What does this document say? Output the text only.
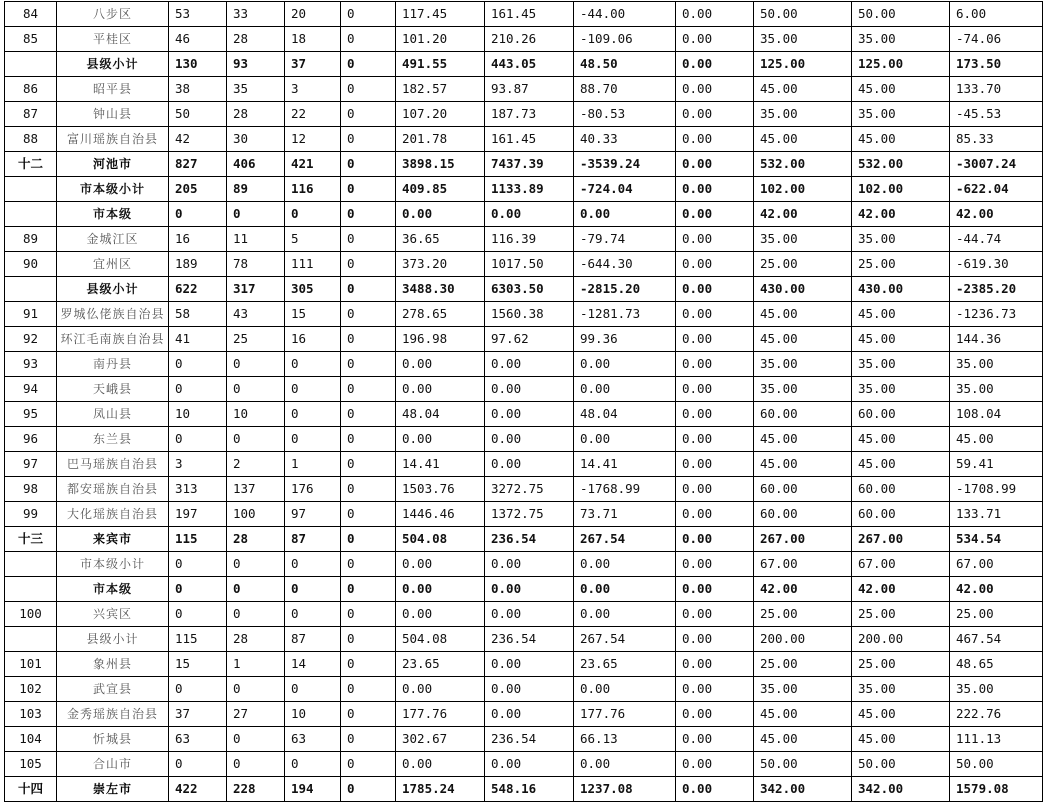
84	八步区	53	33	20	0	117.45	161.45	-44.00	0.00	50.00	50.00	6.00
85	平桂区	46	28	18	0	101.20	210.26	-109.06	0.00	35.00	35.00	-74.06
	县级小计	130	93	37	0	491.55	443.05	48.50	0.00	125.00	125.00	173.50
86	昭平县	38	35	3	0	182.57	93.87	88.70	0.00	45.00	45.00	133.70
87	钟山县	50	28	22	0	107.20	187.73	-80.53	0.00	35.00	35.00	-45.53
88	富川瑶族自治县	42	30	12	0	201.78	161.45	40.33	0.00	45.00	45.00	85.33
十二	河池市	827	406	421	0	3898.15	7437.39	-3539.24	0.00	532.00	532.00	-3007.24
	市本级小计	205	89	116	0	409.85	1133.89	-724.04	0.00	102.00	102.00	-622.04
	市本级	0	0	0	0	0.00	0.00	0.00	0.00	42.00	42.00	42.00
89	金城江区	16	11	5	0	36.65	116.39	-79.74	0.00	35.00	35.00	-44.74
90	宜州区	189	78	111	0	373.20	1017.50	-644.30	0.00	25.00	25.00	-619.30
	县级小计	622	317	305	0	3488.30	6303.50	-2815.20	0.00	430.00	430.00	-2385.20
91	罗城仫佬族自治县	58	43	15	0	278.65	1560.38	-1281.73	0.00	45.00	45.00	-1236.73
92	环江毛南族自治县	41	25	16	0	196.98	97.62	99.36	0.00	45.00	45.00	144.36
93	南丹县	0	0	0	0	0.00	0.00	0.00	0.00	35.00	35.00	35.00
94	天峨县	0	0	0	0	0.00	0.00	0.00	0.00	35.00	35.00	35.00
95	凤山县	10	10	0	0	48.04	0.00	48.04	0.00	60.00	60.00	108.04
96	东兰县	0	0	0	0	0.00	0.00	0.00	0.00	45.00	45.00	45.00
97	巴马瑶族自治县	3	2	1	0	14.41	0.00	14.41	0.00	45.00	45.00	59.41
98	都安瑶族自治县	313	137	176	0	1503.76	3272.75	-1768.99	0.00	60.00	60.00	-1708.99
99	大化瑶族自治县	197	100	97	0	1446.46	1372.75	73.71	0.00	60.00	60.00	133.71
十三	来宾市	115	28	87	0	504.08	236.54	267.54	0.00	267.00	267.00	534.54
	市本级小计	0	0	0	0	0.00	0.00	0.00	0.00	67.00	67.00	67.00
	市本级	0	0	0	0	0.00	0.00	0.00	0.00	42.00	42.00	42.00
100	兴宾区	0	0	0	0	0.00	0.00	0.00	0.00	25.00	25.00	25.00
	县级小计	115	28	87	0	504.08	236.54	267.54	0.00	200.00	200.00	467.54
101	象州县	15	1	14	0	23.65	0.00	23.65	0.00	25.00	25.00	48.65
102	武宣县	0	0	0	0	0.00	0.00	0.00	0.00	35.00	35.00	35.00
103	金秀瑶族自治县	37	27	10	0	177.76	0.00	177.76	0.00	45.00	45.00	222.76
104	忻城县	63	0	63	0	302.67	236.54	66.13	0.00	45.00	45.00	111.13
105	合山市	0	0	0	0	0.00	0.00	0.00	0.00	50.00	50.00	50.00
十四	崇左市	422	228	194	0	1785.24	548.16	1237.08	0.00	342.00	342.00	1579.08
